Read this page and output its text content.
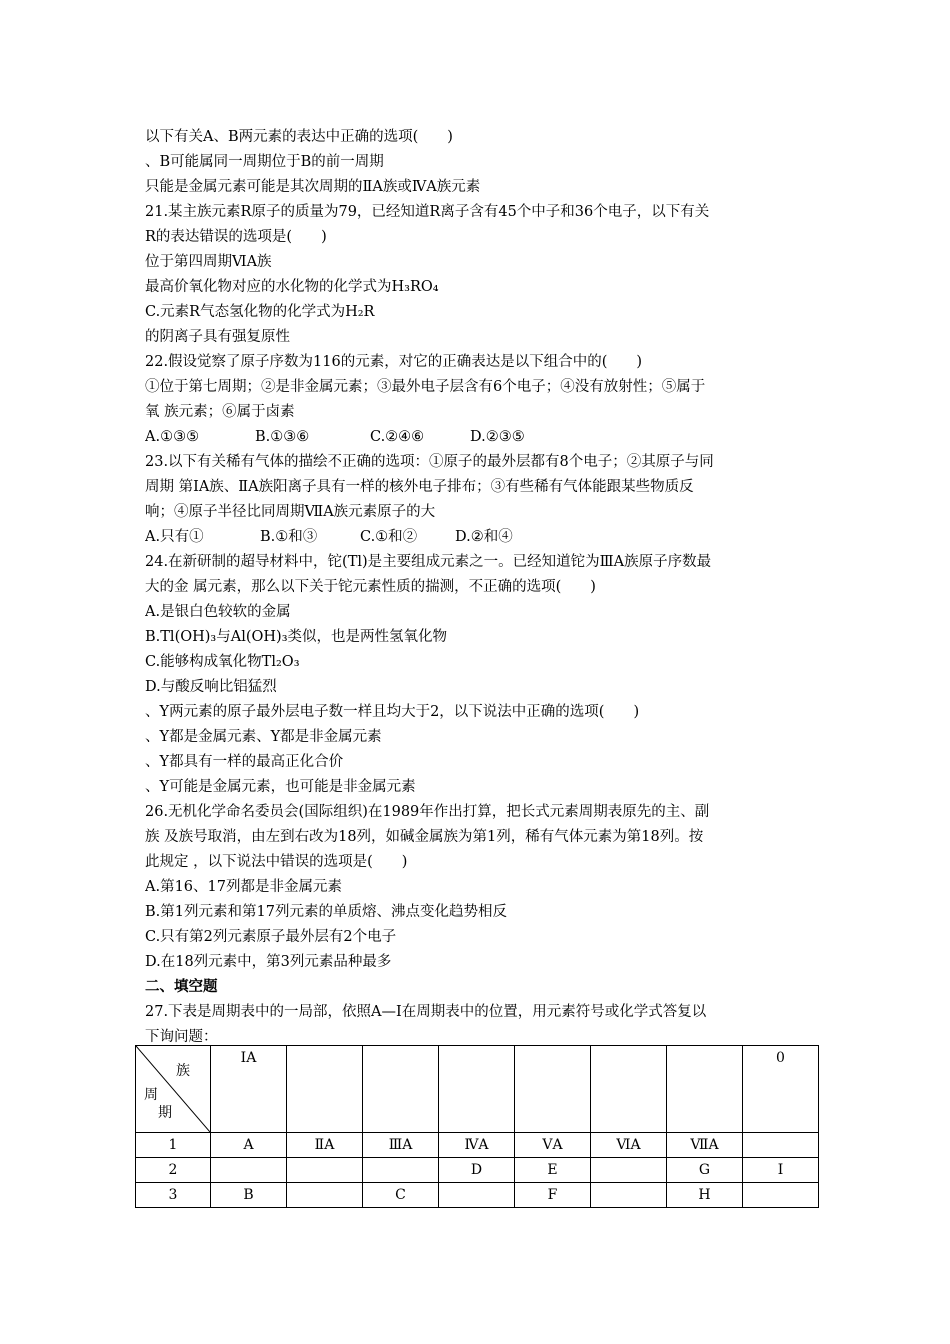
以下有关A、B两元素的表达中正确的选项(　　)
、B可能属同一周期位于B的前一周期
只能是金属元素可能是其次周期的ⅡA族或ⅣA族元素
21.某主族元素R原子的质量为79，已经知道R离子含有45个中子和36个电子，以下有关
R的表达错误的选项是(　　)
位于第四周期ⅥA族
最高价氧化物对应的水化物的化学式为H₃RO₄
C.元素R气态氢化物的化学式为H₂R
的阴离子具有强复原性
22.假设觉察了原子序数为116的元素，对它的正确表达是以下组合中的(　　)
①位于第七周期；②是非金属元素；③最外电子层含有6个电子；④没有放射性；⑤属于
氧 族元素；⑥属于卤素
A.①③⑤	B.①③⑥	C.②④⑥	D.②③⑤
23.以下有关稀有气体的描绘不正确的选项：①原子的最外层都有8个电子；②其原子与同
周期 第ⅠA族、ⅡA族阳离子具有一样的核外电子排布；③有些稀有气体能跟某些物质反
响；④原子半径比同周期ⅦA族元素原子的大
A.只有①	B.①和③	C.①和②	D.②和④
24.在新研制的超导材料中，铊(Tl)是主要组成元素之一。已经知道铊为ⅢA族原子序数最
大的金 属元素，那么以下关于铊元素性质的揣测，不正确的选项(　　)
A.是银白色较软的金属
B.Tl(OH)₃与Al(OH)₃类似，也是两性氢氧化物
C.能够构成氧化物Tl₂O₃
D.与酸反响比铝猛烈
、Y两元素的原子最外层电子数一样且均大于2，以下说法中正确的选项(　　)
、Y都是金属元素、Y都是非金属元素
、Y都具有一样的最高正化合价
、Y可能是金属元素，也可能是非金属元素
26.无机化学命名委员会(国际组织)在1989年作出打算，把长式元素周期表原先的主、副
族 及族号取消，由左到右改为18列，如碱金属族为第1列，稀有气体元素为第18列。按
此规定 ，以下说法中错误的选项是(　　)
A.第16、17列都是非金属元素
B.第1列元素和第17列元素的单质熔、沸点变化趋势相反
C.只有第2列元素原子最外层有2个电子
D.在18列元素中，第3列元素品种最多
二、填空题
27.下表是周期表中的一局部，依照A—I在周期表中的位置，用元素符号或化学式答复以
下询问题：
族
周
期	ⅠA							0
1	A	ⅡA	ⅢA	ⅣA	ⅤA	ⅥA	ⅦA	
2				D	E		G	I
3	B		C		F		H	
